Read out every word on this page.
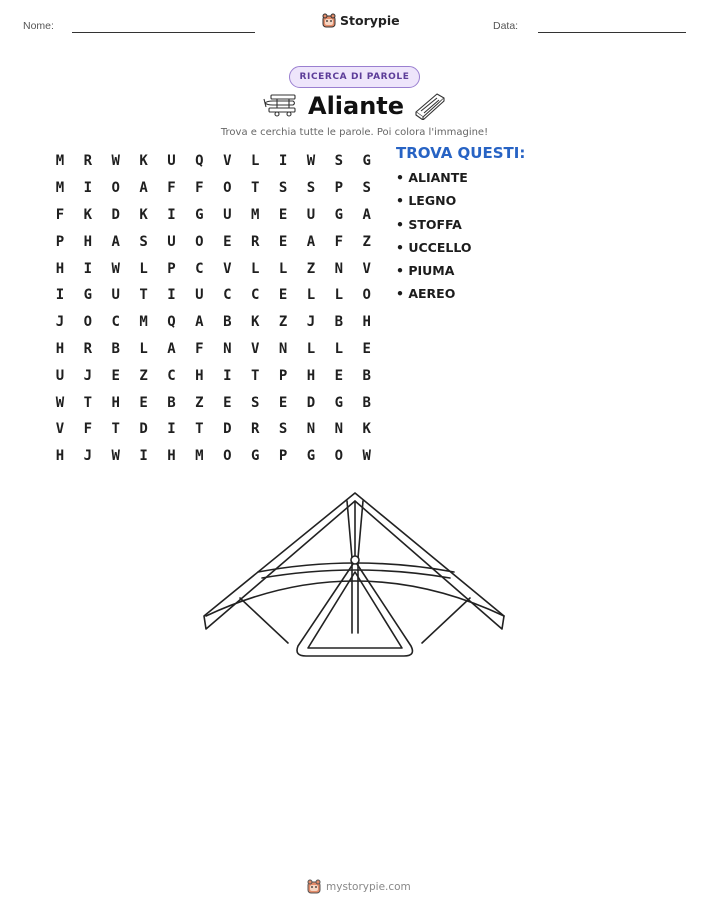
Nome:	Storypie	Data:
RICERCA DI PAROLE
Aliante
Trova e cerchia tutte le parole. Poi colora l'immagine!
M	R	W	K	U	Q	V	L	I	W	S	G
M	I	O	A	F	F	O	T	S	S	P	S
F	K	D	K	I	G	U	M	E	U	G	A
P	H	A	S	U	O	E	R	E	A	F	Z
H	I	W	L	P	C	V	L	L	Z	N	V
I	G	U	T	I	U	C	C	E	L	L	O
J	O	C	M	Q	A	B	K	Z	J	B	H
H	R	B	L	A	F	N	V	N	L	L	E
U	J	E	Z	C	H	I	T	P	H	E	B
W	T	H	E	B	Z	E	S	E	D	G	B
V	F	T	D	I	T	D	R	S	N	N	K
H	J	W	I	H	M	O	G	P	G	O	W
TROVA QUESTI:
• ALIANTE
• LEGNO
• STOFFA
• UCCELLO
• PIUMA
• AEREO
mystorypie.com
